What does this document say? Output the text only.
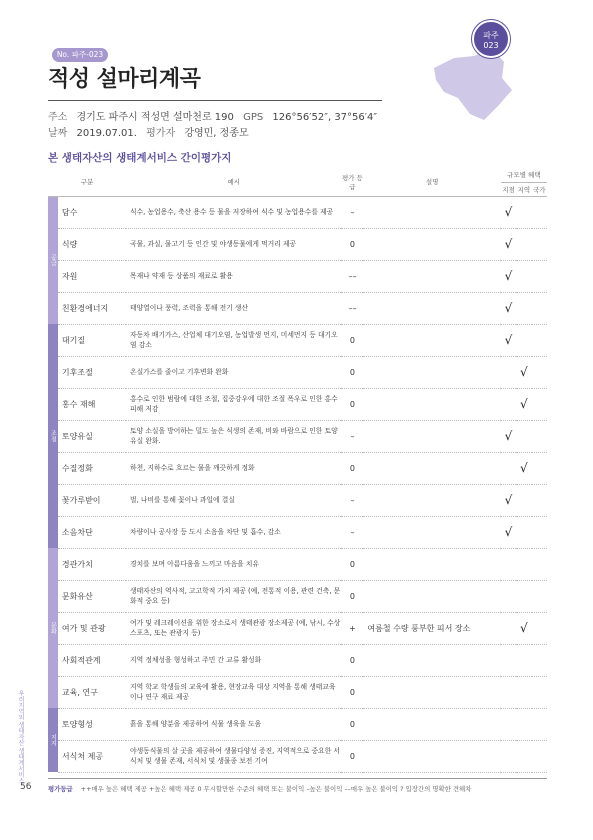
파주
023
No. 파주-023
적성 설마리계곡
주소 경기도 파주시 적성면 설마천로 190 GPS 126°56′52″, 37°56′4″
날짜 2019.07.01. 평가자 강영민, 정종모
본 생태자산의 생태계서비스 간이평가지
구분		예시	평가 등급	설명	규모별 혜택		
					지점	지역	국가
공급	담수	식수, 농업용수, 축산 용수 등 물을 저장하여 식수 및 농업용수를 제공	–		√		
	식량	곡물, 과실, 물고기 등 인간 및 야생동물에게 먹거리 제공	0		√		
	자원	목재나 약재 등 상품의 재료로 활용	––		√		
	친환경에너지	태양열이나 풍력, 조력을 통해 전기 생산	––		√		
조절	대기질	자동차 배기가스, 산업체 대기오염, 농업발생 먼지, 미세먼지 등 대기오염 감소	0		√		
	기후조절	온실가스를 줄이고 기후변화 완화	0			√	
	홍수 재해	홍수로 인한 범람에 대한 조절, 집중강우에 대한 조절 폭우로 인한 홍수피해 저감	0			√	
	토양유실	토양 소실을 방어하는 밀도 높은 식생의 존재, 비와 바람으로 인한 토양유실 완화.	–		√		
	수질정화	하천, 지하수로 흐르는 물을 깨끗하게 정화	0			√	
	꽃가루받이	벌, 나비를 통해 꽃이나 과일에 결실	–		√		
	소음차단	차량이나 공사장 등 도시 소음을 차단 및 흡수, 감소	–		√		
문화	경관가치	경치를 보며 아름다움을 느끼고 마음을 치유	0				
	문화유산	생태자산의 역사적, 고고학적 가치 제공 (예, 전통적 이용, 관련 건축, 문화적 중요 등)	0				
	여가 및 관광	여가 및 레크레이션을 위한 장소로서 생태관광 장소제공 (예, 낚시, 수상스포츠, 또는 관광지 등)	+	여름철 수량 풍부한 피서 장소		√	
	사회적관계	지역 정체성을 형성하고 주민 간 교류 활성화	0				
	교육, 연구	지역 학교 학생들의 교육에 활용, 현장교육 대상 지역을 통해 생태교육이나 연구 재료 제공	0				
지지	토양형성	흙을 통해 양분을 제공하여 식물 생육을 도움	0				
	서식처 제공	야생동식물의 살 곳을 제공하여 생물다양성 증진, 지역적으로 중요한 서식처 및 생물 존재, 서식처 및 생물종 보전 기여	0				
우리지역의 생태자산 생태계서비스
56	평가등급 ++매우 높은 혜택 제공 +높은 혜택 제공 0 무시할만한 수준의 혜택 또는 불이익 –높은 불이익 ––매우 높은 불이익 ? 입장간의 명확한 견해차
